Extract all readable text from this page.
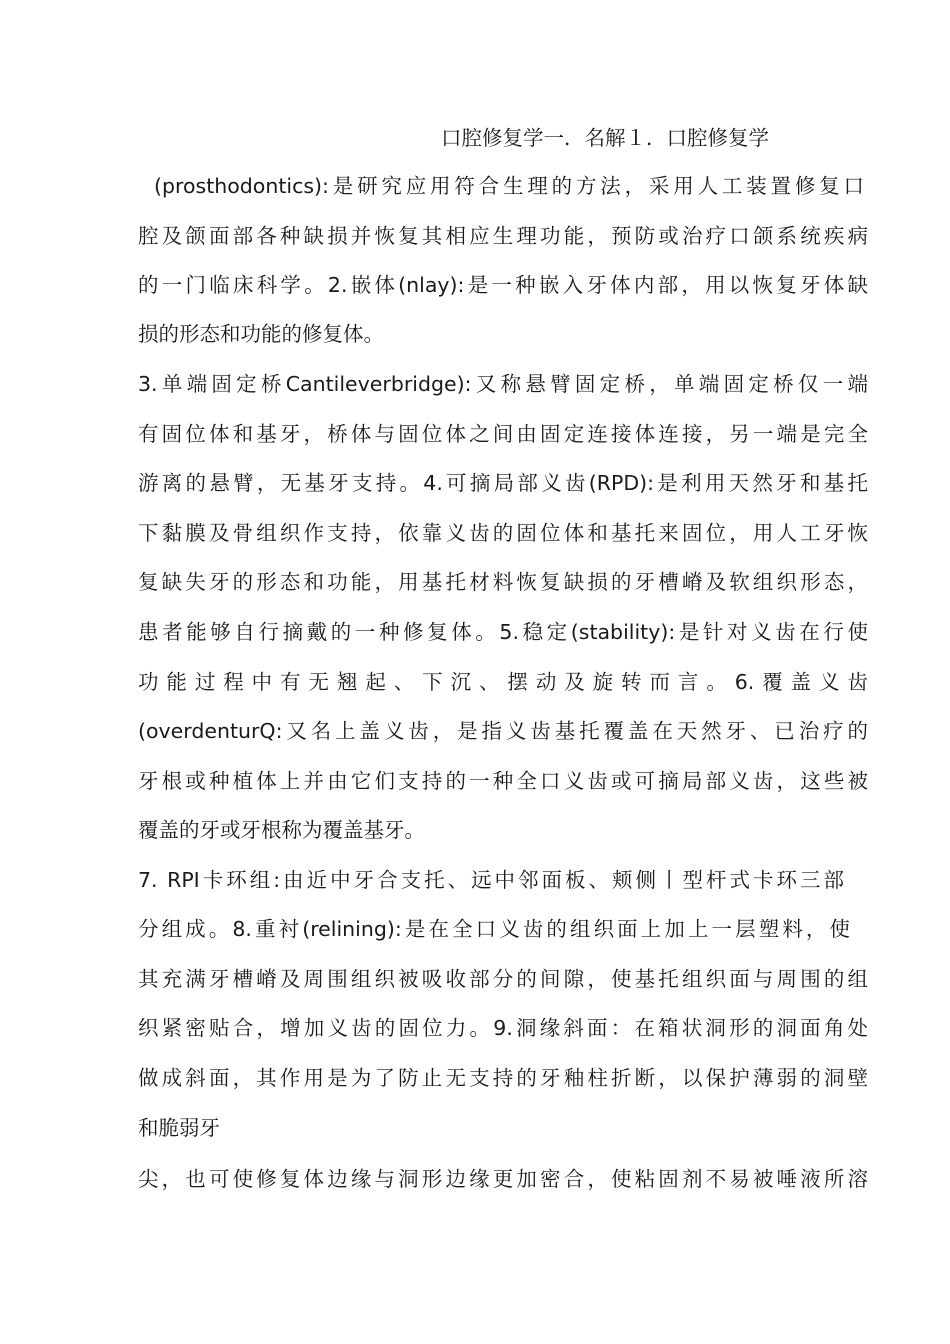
口腔修复学一．名解１．口腔修复学
(prosthodontics):是研究应用符合生理的方法，采用人工装置修复口
腔及颌面部各种缺损并恢复其相应生理功能，预防或治疗口颌系统疾病
的一门临床科学。2.嵌体(nlay):是一种嵌入牙体内部，用以恢复牙体缺
损的形态和功能的修复体。
3.单端固定桥Cantileverbridge):又称悬臂固定桥，单端固定桥仅一端
有固位体和基牙，桥体与固位体之间由固定连接体连接，另一端是完全
游离的悬臂，无基牙支持。4.可摘局部义齿(RPD):是利用天然牙和基托
下黏膜及骨组织作支持，依靠义齿的固位体和基托来固位，用人工牙恢
复缺失牙的形态和功能，用基托材料恢复缺损的牙槽嵴及软组织形态，
患者能够自行摘戴的一种修复体。5.稳定(stability):是针对义齿在行使
功能过程中有无翘起、下沉、摆动及旋转而言。6.覆盖义齿
(overdenturQ:又名上盖义齿，是指义齿基托覆盖在天然牙、已治疗的
牙根或种植体上并由它们支持的一种全口义齿或可摘局部义齿，这些被
覆盖的牙或牙根称为覆盖基牙。
7. RPI卡环组:由近中牙合支托、远中邻面板、颊侧丨型杆式卡环三部
分组成。8.重衬(relining):是在全口义齿的组织面上加上一层塑料，使
其充满牙槽嵴及周围组织被吸收部分的间隙，使基托组织面与周围的组
织紧密贴合，增加义齿的固位力。9.洞缘斜面：在箱状洞形的洞面角处
做成斜面，其作用是为了防止无支持的牙釉柱折断，以保护薄弱的洞壁
和脆弱牙
尖，也可使修复体边缘与洞形边缘更加密合，使粘固剂不易被唾液所溶
